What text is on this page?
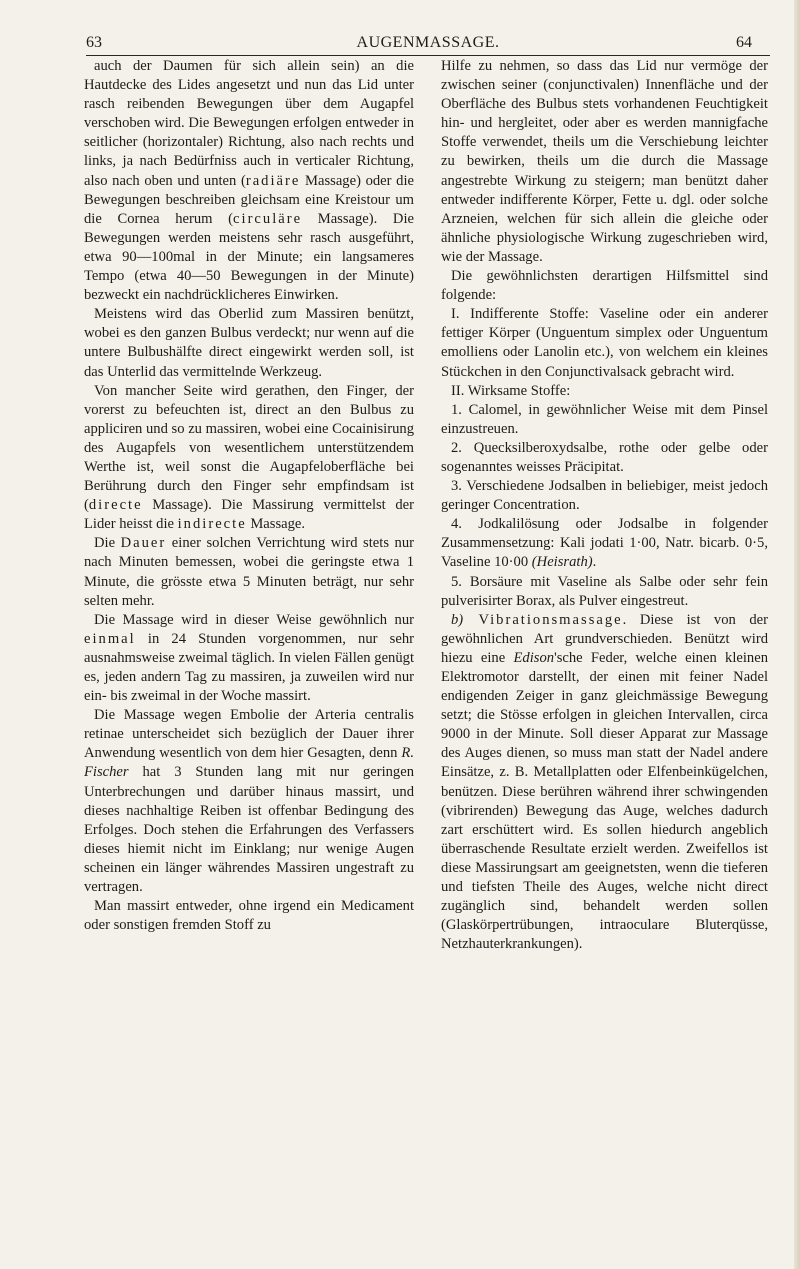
63	AUGENMASSAGE.	64

auch der Daumen für sich allein sein) an die Hautdecke des Lides angesetzt und nun das Lid unter rasch reibenden Bewegungen über dem Augapfel verschoben wird. Die Bewegungen erfolgen entweder in seitlicher (horizontaler) Richtung, also nach rechts und links, ja nach Bedürfniss auch in verticaler Richtung, also nach oben und unten (radiäre Massage) oder die Bewegungen beschreiben gleichsam eine Kreistour um die Cornea herum (circuläre Massage). Die Bewegungen werden meistens sehr rasch ausgeführt, etwa 90—100mal in der Minute; ein langsameres Tempo (etwa 40—50 Bewegungen in der Minute) bezweckt ein nachdrücklicheres Einwirken.

Meistens wird das Oberlid zum Massiren benützt, wobei es den ganzen Bulbus verdeckt; nur wenn auf die untere Bulbushälfte direct eingewirkt werden soll, ist das Unterlid das vermittelnde Werkzeug.

Von mancher Seite wird gerathen, den Finger, der vorerst zu befeuchten ist, direct an den Bulbus zu appliciren und so zu massiren, wobei eine Cocainisirung des Augapfels von wesentlichem unterstützendem Werthe ist, weil sonst die Augapfeloberfläche bei Berührung durch den Finger sehr empfindsam ist (directe Massage). Die Massirung vermittelst der Lider heisst die indirecte Massage.

Die Dauer einer solchen Verrichtung wird stets nur nach Minuten bemessen, wobei die geringste etwa 1 Minute, die grösste etwa 5 Minuten beträgt, nur sehr selten mehr.

Die Massage wird in dieser Weise gewöhnlich nur einmal in 24 Stunden vorgenommen, nur sehr ausnahmsweise zweimal täglich. In vielen Fällen genügt es, jeden andern Tag zu massiren, ja zuweilen wird nur ein- bis zweimal in der Woche massirt.

Die Massage wegen Embolie der Arteria centralis retinae unterscheidet sich bezüglich der Dauer ihrer Anwendung wesentlich von dem hier Gesagten, denn R. Fischer hat 3 Stunden lang mit nur geringen Unterbrechungen und darüber hinaus massirt, und dieses nachhaltige Reiben ist offenbar Bedingung des Erfolges. Doch stehen die Erfahrungen des Verfassers dieses hiemit nicht im Einklang; nur wenige Augen scheinen ein länger währendes Massiren ungestraft zu vertragen.

Man massirt entweder, ohne irgend ein Medicament oder sonstigen fremden Stoff zu

Hilfe zu nehmen, so dass das Lid nur vermöge der zwischen seiner (conjunctivalen) Innenfläche und der Oberfläche des Bulbus stets vorhandenen Feuchtigkeit hin- und hergleitet, oder aber es werden mannigfache Stoffe verwendet, theils um die Verschiebung leichter zu bewirken, theils um die durch die Massage angestrebte Wirkung zu steigern; man benützt daher entweder indifferente Körper, Fette u. dgl. oder solche Arzneien, welchen für sich allein die gleiche oder ähnliche physiologische Wirkung zugeschrieben wird, wie der Massage.

Die gewöhnlichsten derartigen Hilfsmittel sind folgende:

I. Indifferente Stoffe: Vaseline oder ein anderer fettiger Körper (Unguentum simplex oder Unguentum emolliens oder Lanolin etc.), von welchem ein kleines Stückchen in den Conjunctivalsack gebracht wird.

II. Wirksame Stoffe:

1. Calomel, in gewöhnlicher Weise mit dem Pinsel einzustreuen.

2. Quecksilberoxydsalbe, rothe oder gelbe oder sogenanntes weisses Präcipitat.

3. Verschiedene Jodsalben in beliebiger, meist jedoch geringer Concentration.

4. Jodkalilösung oder Jodsalbe in folgender Zusammensetzung: Kali jodati 1·00, Natr. bicarb. 0·5, Vaseline 10·00 (Heisrath).

5. Borsäure mit Vaseline als Salbe oder sehr fein pulverisirter Borax, als Pulver eingestreut.

b) Vibrationsmassage. Diese ist von der gewöhnlichen Art grundverschieden. Benützt wird hiezu eine Edison'sche Feder, welche einen kleinen Elektromotor darstellt, der einen mit feiner Nadel endigenden Zeiger in ganz gleichmässige Bewegung setzt; die Stösse erfolgen in gleichen Intervallen, circa 9000 in der Minute. Soll dieser Apparat zur Massage des Auges dienen, so muss man statt der Nadel andere Einsätze, z. B. Metallplatten oder Elfenbeinkügelchen, benützen. Diese berühren während ihrer schwingenden (vibrirenden) Bewegung das Auge, welches dadurch zart erschüttert wird. Es sollen hiedurch angeblich überraschende Resultate erzielt werden. Zweifellos ist diese Massirungsart am geeignetsten, wenn die tieferen und tiefsten Theile des Auges, welche nicht direct zugänglich sind, behandelt werden sollen (Glaskörpertrübungen, intraoculare Bluterqüsse, Netzhauterkrankungen).
